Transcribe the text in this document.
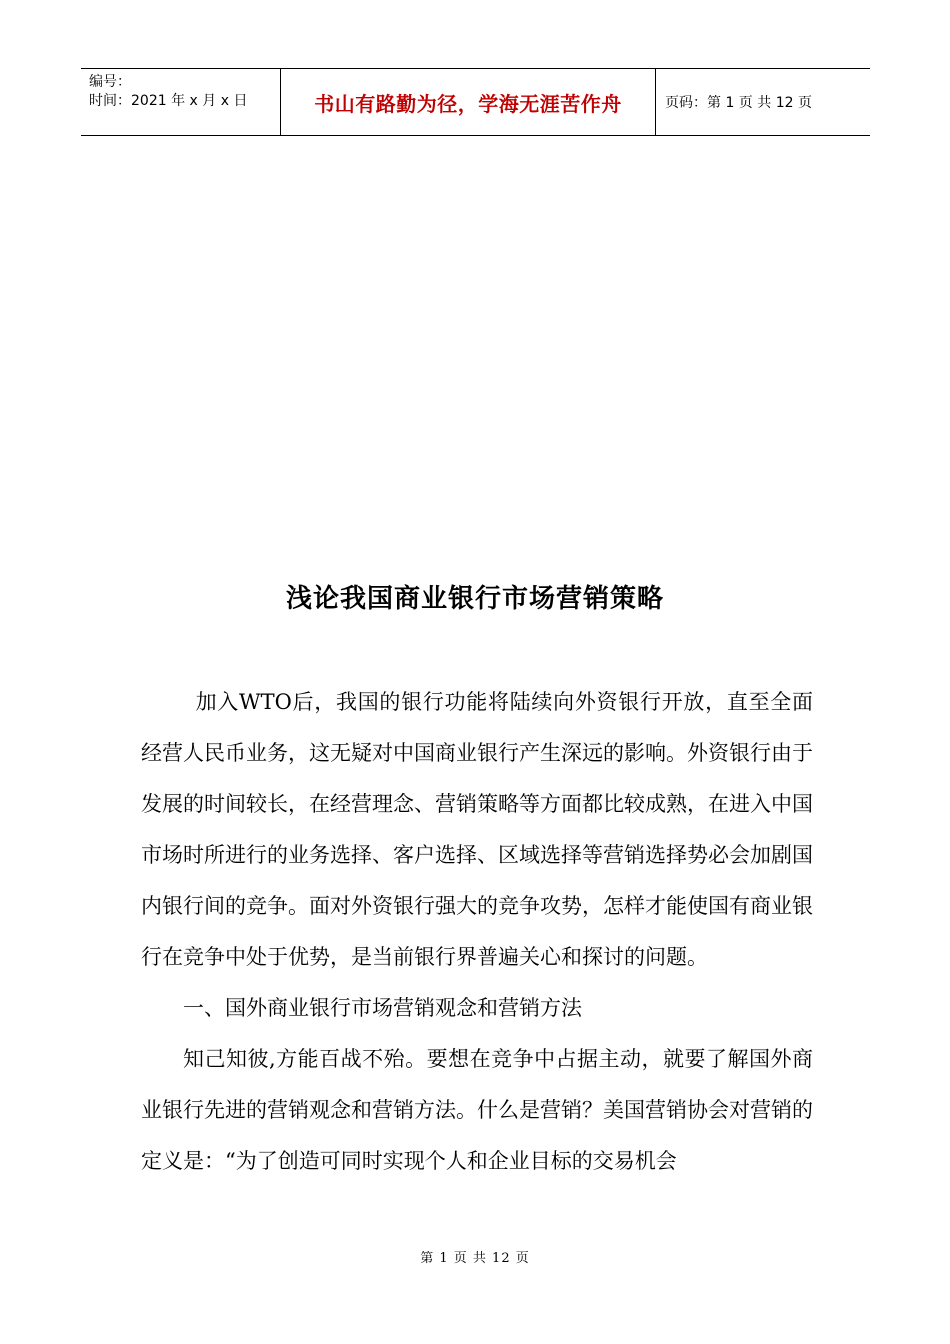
编号：
时间：2021 年 x 月 x 日	书山有路勤为径，学海无涯苦作舟	页码：第 1 页 共 12 页
浅论我国商业银行市场营销策略

加入WTO后，我国的银行功能将陆续向外资银行开放，直至全面经营人民币业务，这无疑对中国商业银行产生深远的影响。外资银行由于发展的时间较长，在经营理念、营销策略等方面都比较成熟，在进入中国市场时所进行的业务选择、客户选择、区域选择等营销选择势必会加剧国内银行间的竞争。面对外资银行强大的竞争攻势，怎样才能使国有商业银行在竞争中处于优势，是当前银行界普遍关心和探讨的问题。

一、国外商业银行市场营销观念和营销方法

知己知彼,方能百战不殆。要想在竞争中占据主动，就要了解国外商业银行先进的营销观念和营销方法。什么是营销？美国营销协会对营销的定义是：“为了创造可同时实现个人和企业目标的交易机会

第 1 页 共 12 页
